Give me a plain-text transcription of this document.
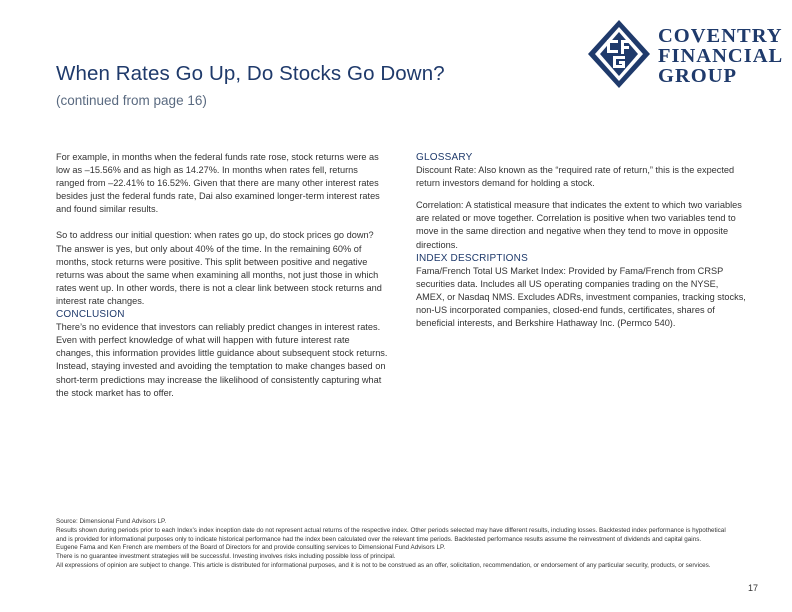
When Rates Go Up, Do Stocks Go Down?
(continued from page 16)
COVENTRY
FINANCIAL
GROUP

For example, in months when the federal funds rate rose, stock returns were as low as –15.56% and as high as 14.27%. In months when rates fell, returns ranged from –22.41% to 16.52%. Given that there are many other interest rates besides just the federal funds rate, Dai also examined longer-term interest rates and found similar results.

So to address our initial question: when rates go up, do stock prices go down? The answer is yes, but only about 40% of the time. In the remaining 60% of months, stock returns were positive. This split between positive and negative returns was about the same when examining all months, not just those in which rates went up. In other words, there is not a clear link between stock returns and interest rate changes.

CONCLUSION

There’s no evidence that investors can reliably predict changes in interest rates. Even with perfect knowledge of what will happen with future interest rate changes, this information provides little guidance about subsequent stock returns. Instead, staying invested and avoiding the temptation to make changes based on short-term predictions may increase the likelihood of consistently capturing what the stock market has to offer.

GLOSSARY

Discount Rate: Also known as the “required rate of return,” this is the expected return investors demand for holding a stock.

Correlation: A statistical measure that indicates the extent to which two variables are related or move together. Correlation is positive when two variables tend to move in the same direction and negative when they tend to move in opposite directions.

INDEX DESCRIPTIONS

Fama/French Total US Market Index: Provided by Fama/French from CRSP securities data. Includes all US operating companies trading on the NYSE, AMEX, or Nasdaq NMS. Excludes ADRs, investment companies, tracking stocks, non-US incorporated companies, closed-end funds, certificates, shares of beneficial interests, and Berkshire Hathaway Inc. (Permco 540).

Source: Dimensional Fund Advisors LP.

Results shown during periods prior to each Index’s index inception date do not represent actual returns of the respective index. Other periods selected may have different results, including losses. Backtested index performance is hypothetical and is provided for informational purposes only to indicate historical performance had the index been calculated over the relevant time periods. Backtested performance results assume the reinvestment of dividends and capital gains.

Eugene Fama and Ken French are members of the Board of Directors for and provide consulting services to Dimensional Fund Advisors LP.

There is no guarantee investment strategies will be successful. Investing involves risks including possible loss of principal.

All expressions of opinion are subject to change. This article is distributed for informational purposes, and it is not to be construed as an offer, solicitation, recommendation, or endorsement of any particular security, products, or services.

17
